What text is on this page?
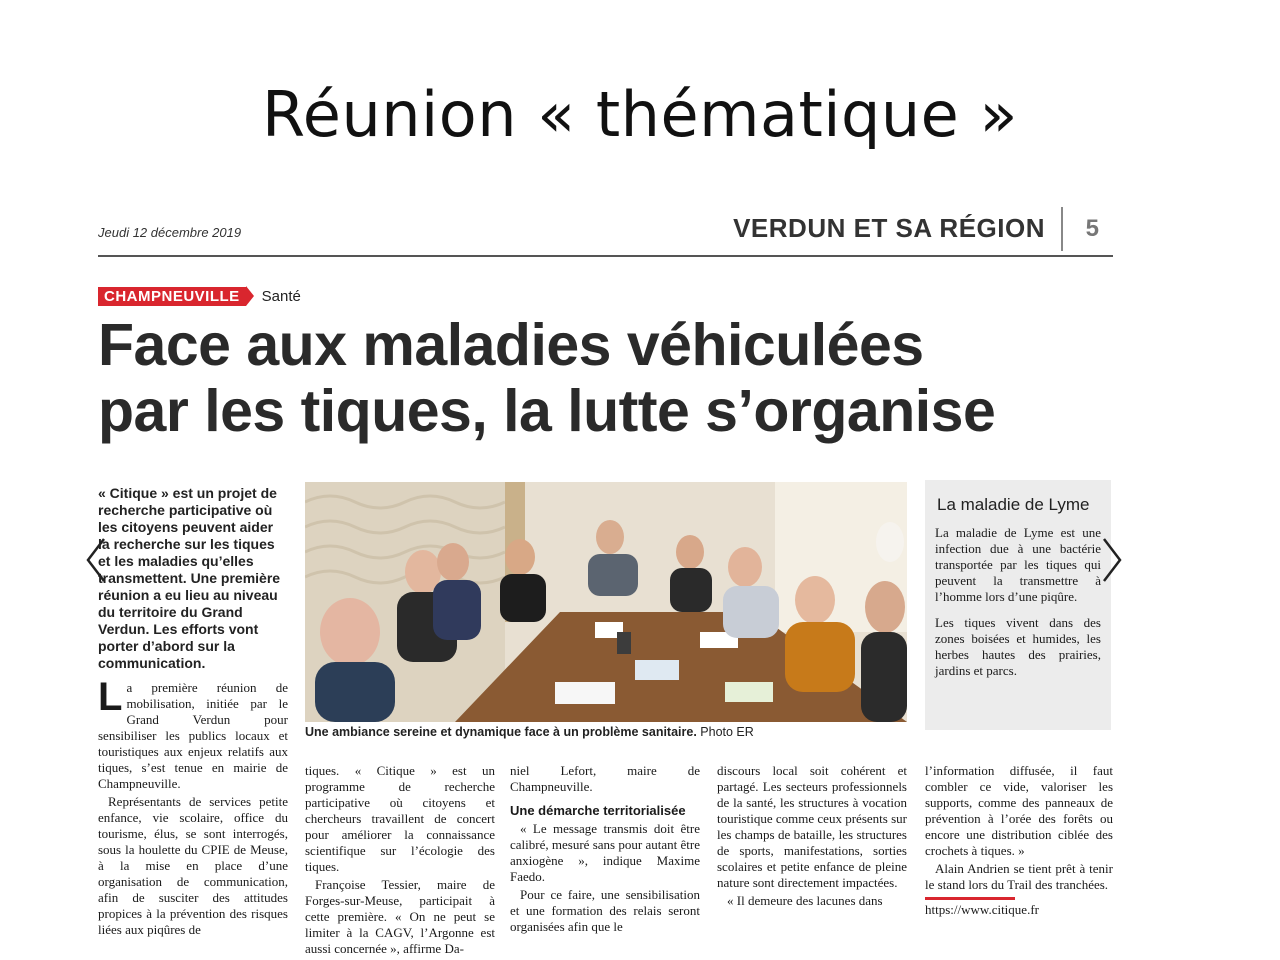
Réunion « thématique »
Jeudi 12 décembre 2019	VERDUN ET SA RÉGION 5
CHAMPNEUVILLE	Santé
Face aux maladies véhiculées
par les tiques, la lutte s’organise
« Citique » est un projet de recherche participative où les citoyens peuvent aider la recherche sur les tiques et les maladies qu’elles transmettent. Une première réunion a eu lieu au niveau du territoire du Grand Verdun. Les efforts vont porter d’abord sur la communication.
Une ambiance sereine et dynamique face à un problème sanitaire. Photo ER
La maladie de Lyme

La maladie de Lyme est une infection due à une bactérie transportée par les tiques qui peuvent la transmettre à l’homme lors d’une piqûre.

Les tiques vivent dans des zones boisées et humides, les herbes hautes des prairies, jardins et parcs.

La première réunion de mobilisation, initiée par le Grand Verdun pour sensibiliser les publics locaux et touristiques aux enjeux relatifs aux tiques, s’est tenue en mairie de Champneuville.

Représentants de services petite enfance, vie scolaire, office du tourisme, élus, se sont interrogés, sous la houlette du CPIE de Meuse, à la mise en place d’une organisation de communication, afin de susciter des attitudes propices à la prévention des risques liées aux piqûres de

tiques. « Citique » est un programme de recherche participative où citoyens et chercheurs travaillent de concert pour améliorer la connaissance scientifique sur l’écologie des tiques.

Françoise Tessier, maire de Forges-sur-Meuse, participait à cette première. « On ne peut se limiter à la CAGV, l’Argonne est aussi concernée », affirme Da-

niel Lefort, maire de Champneuville.

Une démarche territorialisée

« Le message transmis doit être calibré, mesuré sans pour autant être anxiogène », indique Maxime Faedo.

Pour ce faire, une sensibilisation et une formation des relais seront organisées afin que le

discours local soit cohérent et partagé. Les secteurs professionnels de la santé, les structures à vocation touristique comme ceux présents sur les champs de bataille, les structures de sports, manifestations, sorties scolaires et petite enfance de pleine nature sont directement impactées.

« Il demeure des lacunes dans

l’information diffusée, il faut combler ce vide, valoriser les supports, comme des panneaux de prévention à l’orée des forêts ou encore une distribution ciblée des crochets à tiques. »

Alain Andrien se tient prêt à tenir le stand lors du Trail des tranchées.

https://www.citique.fr
